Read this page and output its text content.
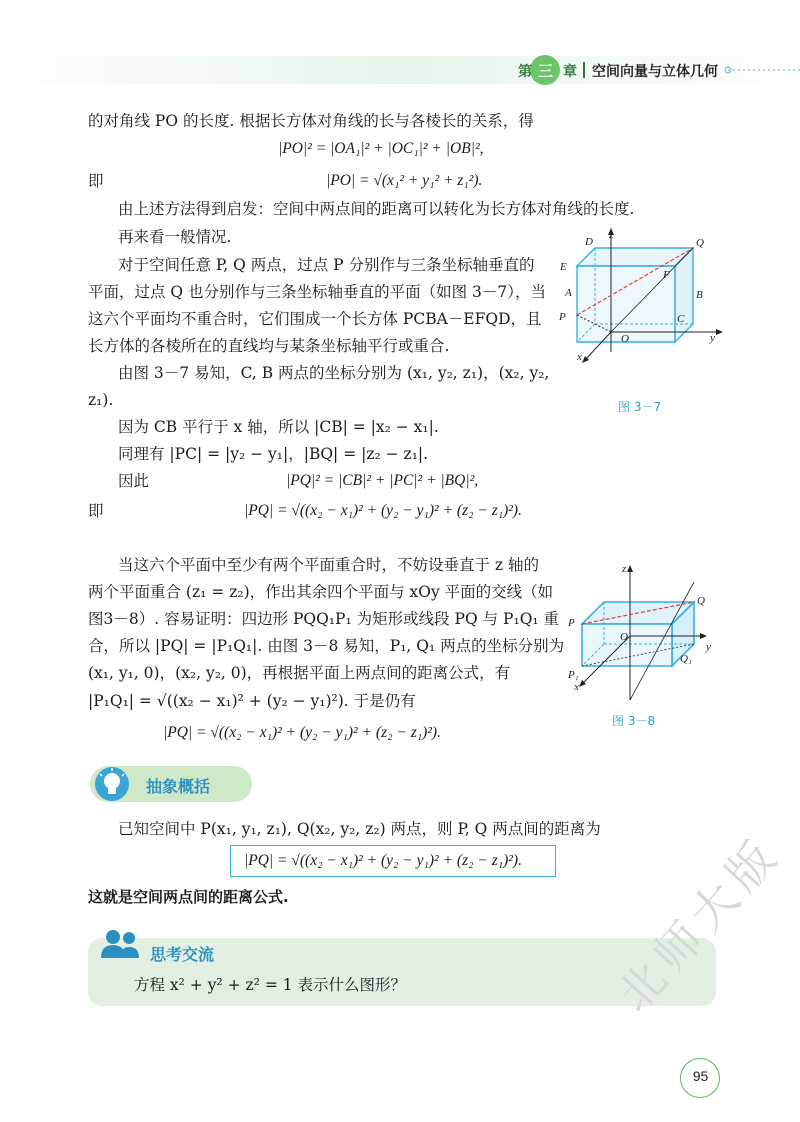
第 三 章 空间向量与立体几何
的对角线 PO 的长度. 根据长方体对角线的长与各棱长的关系，得
|PO|² = |OA₁|² + |OC₁|² + |OB|²,
即	|PO| = √(x₁² + y₁² + z₁²).
由上述方法得到启发：空间中两点间的距离可以转化为长方体对角线的长度.
再来看一般情况.
对于空间任意 P, Q 两点，过点 P 分别作与三条坐标轴垂直的
平面，过点 Q 也分别作与三条坐标轴垂直的平面（如图 3－7），当
这六个平面均不重合时，它们围成一个长方体 PCBA－EFQD，且
长方体的各棱所在的直线均与某条坐标轴平行或重合.
由图 3－7 易知，C, B 两点的坐标分别为 (x₁, y₂, z₁)，(x₂, y₂,
z₁).
因为 CB 平行于 x 轴，所以 |CB| = |x₂ − x₁|.
同理有 |PC| = |y₂ − y₁|，|BQ| = |z₂ − z₁|.
因此	|PQ|² = |CB|² + |PC|² + |BQ|²,
即	|PQ| = √((x₂ − x₁)² + (y₂ − y₁)² + (z₂ − z₁)²).
当这六个平面中至少有两个平面重合时，不妨设垂直于 z 轴的
两个平面重合 (z₁ = z₂)，作出其余四个平面与 xOy 平面的交线（如
图3－8）. 容易证明：四边形 PQQ₁P₁ 为矩形或线段 PQ 与 P₁Q₁ 重
合，所以 |PQ| = |P₁Q₁|. 由图 3－8 易知，P₁, Q₁ 两点的坐标分别为
(x₁, y₁, 0)，(x₂, y₂, 0)，再根据平面上两点间的距离公式，有
|P₁Q₁| = √((x₂ − x₁)² + (y₂ − y₁)²). 于是仍有
|PQ| = √((x₂ − x₁)² + (y₂ − y₁)² + (z₂ − z₁)²).
抽象概括
已知空间中 P(x₁, y₁, z₁), Q(x₂, y₂, z₂) 两点，则 P, Q 两点间的距离为
|PQ| = √((x₂ − x₁)² + (y₂ − y₁)² + (z₂ − z₁)²).
这就是空间两点间的距离公式.
思考交流
方程 x² + y² + z² = 1 表示什么图形？
D
z
Q
E
F
A	B
P	C
O	y
x
图 3－7
z
Q
P
O
y
P₁
Q₁
x
图 3－8
北师大版
95
